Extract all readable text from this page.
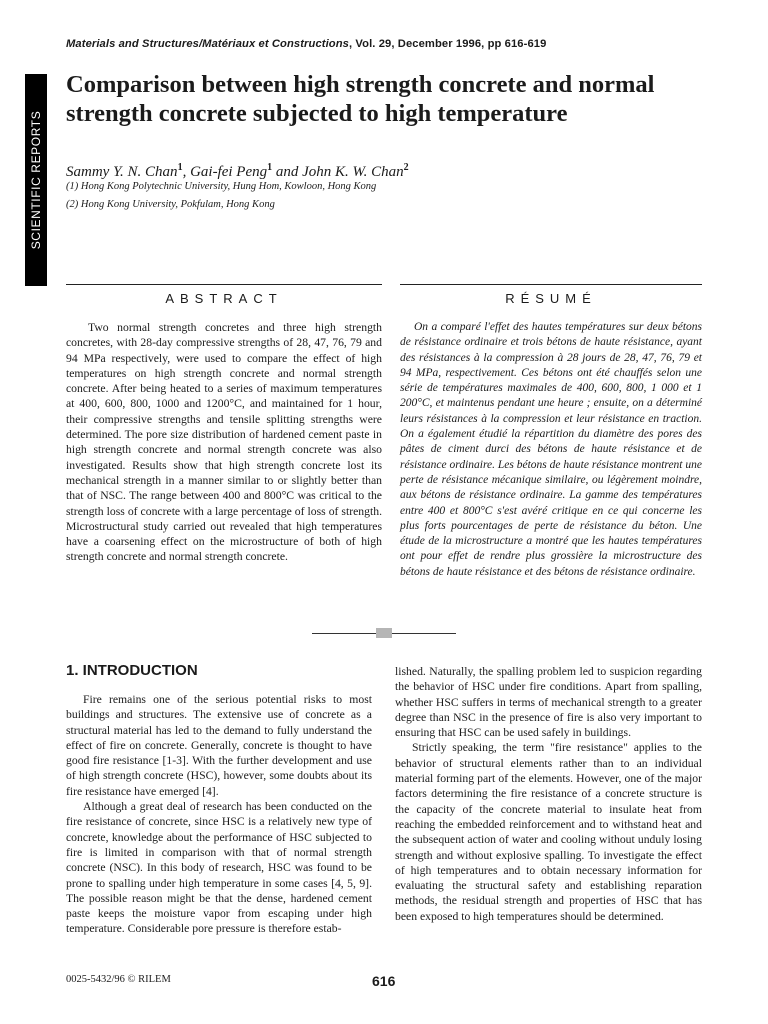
Materials and Structures/Matériaux et Constructions, Vol. 29, December 1996, pp 616-619
SCIENTIFIC REPORTS
Comparison between high strength concrete and normal strength concrete subjected to high temperature
Sammy Y. N. Chan$^1$, Gai-fei Peng$^1$ and John K. W. Chan$^2$
(1) Hong Kong Polytechnic University, Hung Hom, Kowloon, Hong Kong
(2) Hong Kong University, Pokfulam, Hong Kong
ABSTRACT	RÉSUMÉ

Two normal strength concretes and three high strength concretes, with 28-day compressive strengths of 28, 47, 76, 79 and 94 MPa respectively, were used to compare the effect of high temperatures on high strength concrete and normal strength concrete. After being heated to a series of maximum temperatures at 400, 600, 800, 1000 and 1200°C, and maintained for 1 hour, their compressive strengths and tensile splitting strengths were determined. The pore size distribution of hardened cement paste in high strength concrete and normal strength concrete was also investigated. Results show that high strength concrete lost its mechanical strength in a manner similar to or slightly better than that of NSC. The range between 400 and 800°C was critical to the strength loss of concrete with a large percentage of loss of strength. Microstructural study carried out revealed that high temperatures have a coarsening effect on the microstructure of both of high strength concrete and normal strength concrete.

On a comparé l'effet des hautes températures sur deux bétons de résistance ordinaire et trois bétons de haute résistance, ayant des résistances à la compression à 28 jours de 28, 47, 76, 79 et 94 MPa, respectivement. Ces bétons ont été chauffés selon une série de températures maximales de 400, 600, 800, 1 000 et 1 200°C, et maintenus pendant une heure ; ensuite, on a déterminé leurs résistances à la compression et leur résistance en traction. On a également étudié la répartition du diamètre des pores des pâtes de ciment durci des bétons de haute résistance et de résistance ordinaire. Les bétons de haute résistance montrent une perte de résistance mécanique similaire, ou légèrement moindre, aux bétons de résistance ordinaire. La gamme des températures entre 400 et 800°C s'est avéré critique en ce qui concerne les plus forts pourcentages de perte de résistance du béton. Une étude de la microstructure a montré que les hautes températures ont pour effet de rendre plus grossière la microstructure des bétons de haute résistance et des bétons de résistance ordinaire.

1. INTRODUCTION

Fire remains one of the serious potential risks to most buildings and structures. The extensive use of concrete as a structural material has led to the demand to fully understand the effect of fire on concrete. Generally, concrete is thought to have good fire resistance [1-3]. With the further development and use of high strength concrete (HSC), however, some doubts about its fire resistance have emerged [4].

Although a great deal of research has been conducted on the fire resistance of concrete, since HSC is a relatively new type of concrete, knowledge about the performance of HSC subjected to fire is limited in comparison with that of normal strength concrete (NSC). In this body of research, HSC was found to be prone to spalling under high temperature in some cases [4, 5, 9]. The possible reason might be that the dense, hardened cement paste keeps the moisture vapor from escaping under high temperature. Considerable pore pressure is therefore estab-

lished. Naturally, the spalling problem led to suspicion regarding the behavior of HSC under fire conditions. Apart from spalling, whether HSC suffers in terms of mechanical strength to a greater degree than NSC in the presence of fire is also very important to ensuring that HSC can be used safely in buildings.

Strictly speaking, the term "fire resistance" applies to the behavior of structural elements rather than to an individual material forming part of the elements. However, one of the major factors determining the fire resistance of a concrete structure is the capacity of the concrete material to insulate heat from reaching the embedded reinforcement and to withstand heat and the subsequent action of water and cooling without unduly losing strength and without explosive spalling. To investigate the effect of high temperatures and to obtain necessary information for evaluating the structural safety and establishing reparation methods, the residual strength and properties of HSC that has been exposed to high temperatures should be determined.

0025-5432/96 © RILEM	616
